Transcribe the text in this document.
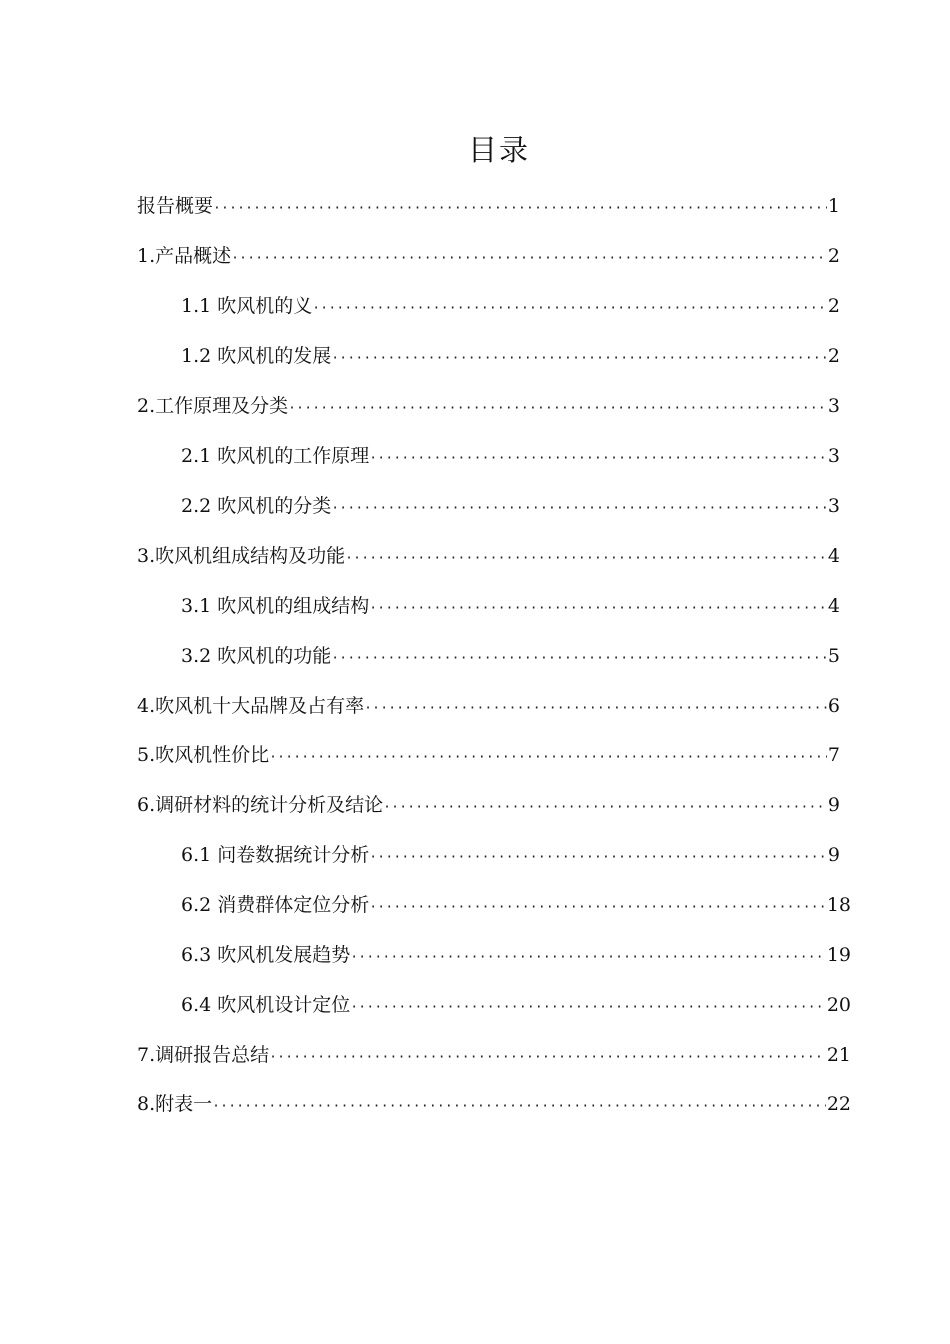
目录
报告概要 ·····	1
1.产品概述 ·····	2
1.1 吹风机的义 ·····	2
1.2 吹风机的发展 ·····	2
2.工作原理及分类 ·····	3
2.1 吹风机的工作原理 ·····	3
2.2 吹风机的分类 ·····	3
3.吹风机组成结构及功能 ·····	4
3.1 吹风机的组成结构 ·····	4
3.2 吹风机的功能 ·····	5
4.吹风机十大品牌及占有率 ·····	6
5.吹风机性价比 ·····	7
6.调研材料的统计分析及结论 ·····	9
6.1 问卷数据统计分析 ·····	9
6.2 消费群体定位分析 ·····	18
6.3 吹风机发展趋势 ·····	19
6.4 吹风机设计定位 ·····	20
7.调研报告总结 ·····	21
8.附表一 ·····	22
